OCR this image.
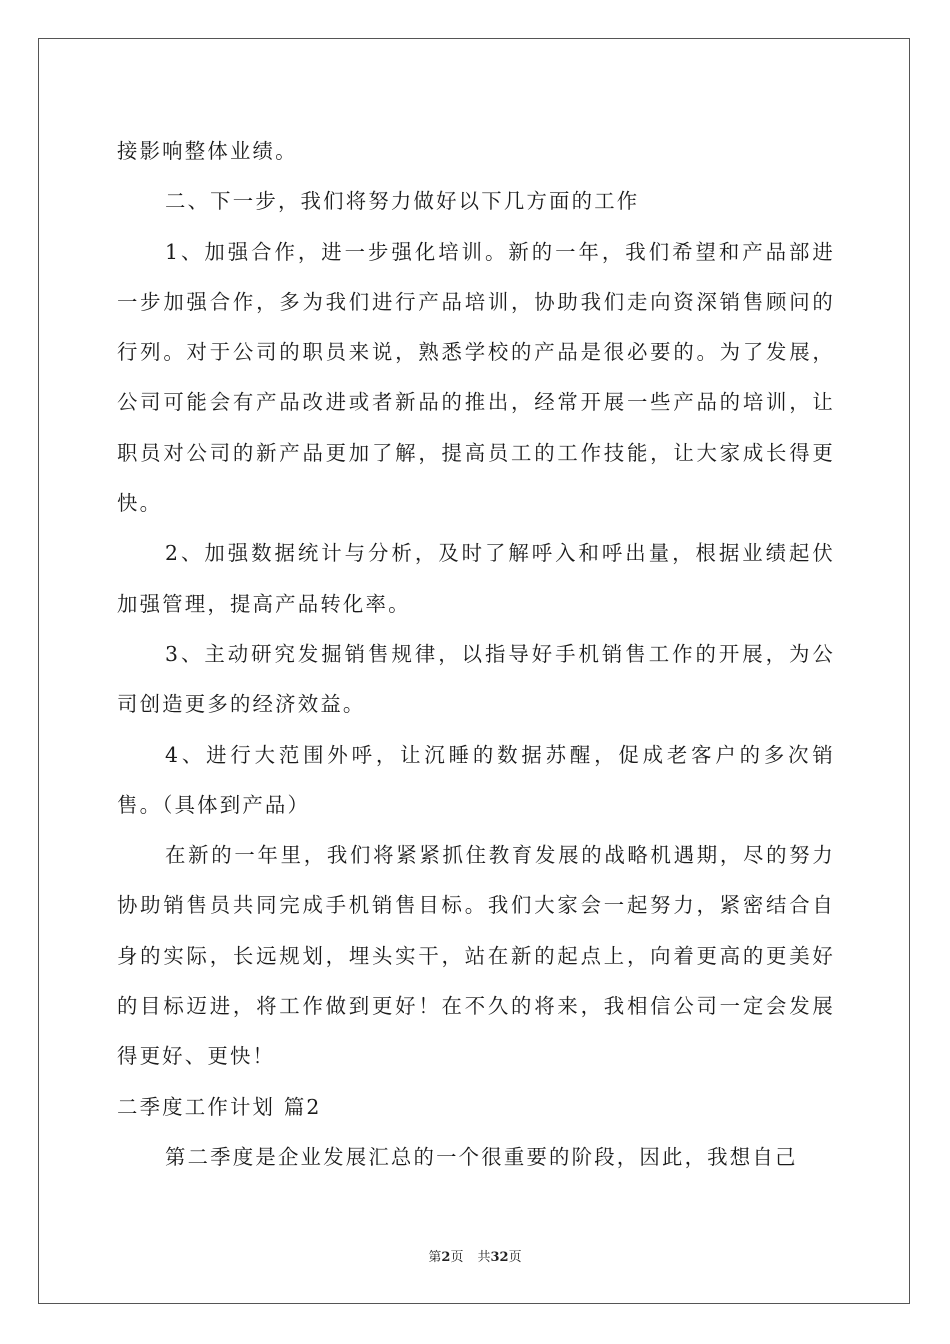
接影响整体业绩。

二、下一步，我们将努力做好以下几方面的工作

1、加强合作，进一步强化培训。新的一年，我们希望和产品部进一步加强合作，多为我们进行产品培训，协助我们走向资深销售顾问的行列。对于公司的职员来说，熟悉学校的产品是很必要的。为了发展，公司可能会有产品改进或者新品的推出，经常开展一些产品的培训，让职员对公司的新产品更加了解，提高员工的工作技能，让大家成长得更快。

2、加强数据统计与分析，及时了解呼入和呼出量，根据业绩起伏加强管理，提高产品转化率。

3、主动研究发掘销售规律，以指导好手机销售工作的开展，为公司创造更多的经济效益。

4、进行大范围外呼，让沉睡的数据苏醒，促成老客户的多次销售。（具体到产品）

在新的一年里，我们将紧紧抓住教育发展的战略机遇期，尽的努力协助销售员共同完成手机销售目标。我们大家会一起努力，紧密结合自身的实际，长远规划，埋头实干，站在新的起点上，向着更高的更美好的目标迈进，将工作做到更好！在不久的将来，我相信公司一定会发展得更好、更快！

二季度工作计划 篇2

第二季度是企业发展汇总的一个很重要的阶段，因此，我想自己

第2页 共32页
